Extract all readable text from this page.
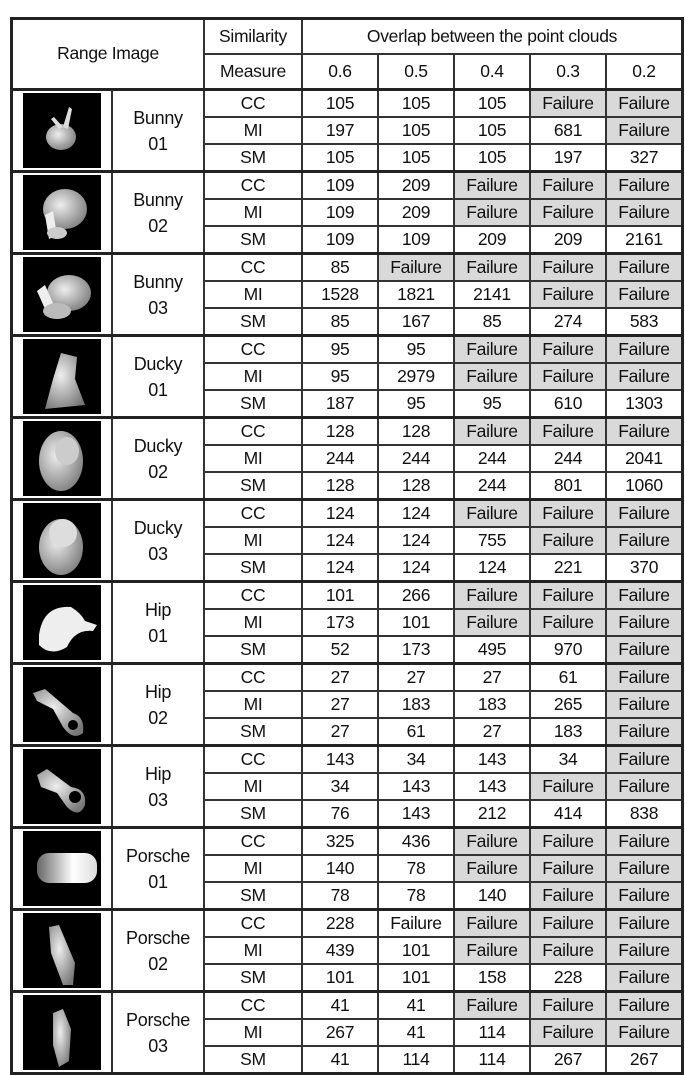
Range Image		Similarity	Overlap between the point clouds				
		Measure	0.6	0.5	0.4	0.3	0.2

Bunny
01	CC	105	105	105	Failure	Failure
		MI	197	105	105	681	Failure
		SM	105	105	105	197	327

Bunny
02	CC	109	209	Failure	Failure	Failure
		MI	109	209	Failure	Failure	Failure
		SM	109	109	209	209	2161

Bunny
03	CC	85	Failure	Failure	Failure	Failure
		MI	1528	1821	2141	Failure	Failure
		SM	85	167	85	274	583

Ducky
01	CC	95	95	Failure	Failure	Failure
		MI	95	2979	Failure	Failure	Failure
		SM	187	95	95	610	1303

Ducky
02	CC	128	128	Failure	Failure	Failure
		MI	244	244	244	244	2041
		SM	128	128	244	801	1060

Ducky
03	CC	124	124	Failure	Failure	Failure
		MI	124	124	755	Failure	Failure
		SM	124	124	124	221	370

Hip
01	CC	101	266	Failure	Failure	Failure
		MI	173	101	Failure	Failure	Failure
		SM	52	173	495	970	Failure

Hip
02	CC	27	27	27	61	Failure
		MI	27	183	183	265	Failure
		SM	27	61	27	183	Failure

Hip
03	CC	143	34	143	34	Failure
		MI	34	143	143	Failure	Failure
		SM	76	143	212	414	838

Porsche
01	CC	325	436	Failure	Failure	Failure
		MI	140	78	Failure	Failure	Failure
		SM	78	78	140	Failure	Failure

Porsche
02	CC	228	Failure	Failure	Failure	Failure
		MI	439	101	Failure	Failure	Failure
		SM	101	101	158	228	Failure

Porsche
03	CC	41	41	Failure	Failure	Failure
		MI	267	41	114	Failure	Failure
		SM	41	114	114	267	267
